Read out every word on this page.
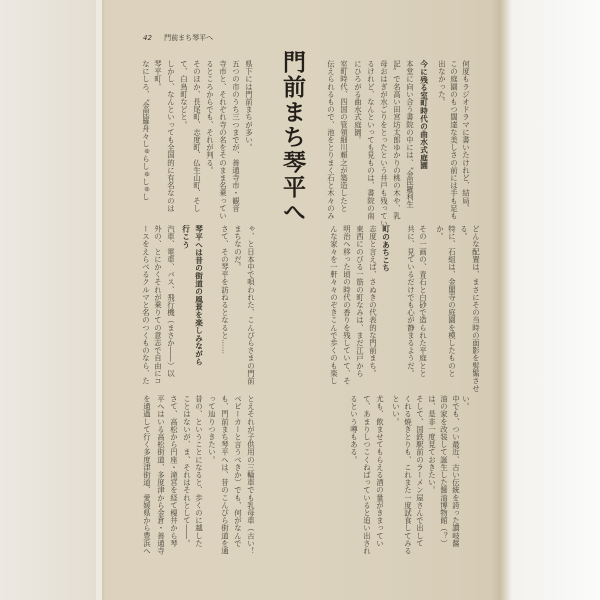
42 門前まち琴平へ
門前まち琴平へ	何度もラジオドラマに書いたけれど、結局、
この庭園のもつ闊達な美しさの前には手も足も
出なかった。
今に残る室町時代の曲水式庭園
本堂に向い合う書院の中には、〝金毘羅利生
記〟で名高い田宮坊太郎ゆかりの桃の木や、乳
母おはぎが水ごりをとったという井戸も残ってい
るけれど、なんといっても見ものは、書院の南
にひろがる曲水式庭園。
室町時代、四国の管領細川頼之が築造したと
伝えられるもので、池をとりまく石と木々のみ
県下には門前まちが多い。
五つの市のうち三つまでが、善通寺市・観音
寺市と、それぞれ寺の名をそのまま名乗ってい
るところからでも、それが判る。
そのほか、長尾町、志度町、仏生山町、そし
て、白鳥町などと。
しかし、なんといっても全国的に有名なのは
琴平町。
なにしろ、〝金毘羅舟々しゅらしゅしゅし
どんな配置は、まさにその当時の面影を髣髴させ
る。
特に、石組は、金閣寺の庭園を模したものと
か。
その一画の、青石と白砂で造られた平庭とと
共に、見ているだけでも心が静まるようだ。
町のあちこち
志度と言えば、さぬきの代表的な門前まち。
東西にのびる一筋の町なみは、まだ江戸から
明治へ移った頃の時代の香りを残していて、そ
んな家々を一軒々々のぞきこんで歩くのも楽し
ゃ、と日本中で唄われた、こんぴらさまの門前
まちなのだ。
さて、その琴平を訪ねるとなると……
琴平へは昔の街道の風景を楽しみながら
行こう
汽車、電車、バス、飛行機（まさか――）以
外の、とにかくそれが乗りての意志で自由にコ
ースをえらべるクルマと名のつくものなら、た
い。
中でも、つい最近、古い伝統を誇った讃岐醤
油の家を改装して誕生した醤油博物館（？）
は、是非一度見ておきたい。
そして、国鉄駅前のラーメン屋さんで出して
くれる焼きとりも、これまた一度試食してみる
といい。
尤も、飲ませてもらえる酒の量がきまってい
て、あまりしつこくねばっていると追い出され
るという噂もある。
とえそれが子供用の三輪車でも乳母車（古い！
ベビーカーと言うべきか）でも、何がなんで
も、門前まち琴平へは、昔のこんぴら街道を通
って辿りつきたい。
昔の、ということになると、歩くのに越した
ことはないが、ま、それはそれとして――。
さて、高松から円座・滝宮を経て榎井から琴
平へはいる高松街道、多度津から金倉・善通寺
を通過して行く多度津街道、愛媛県から豊浜へ
